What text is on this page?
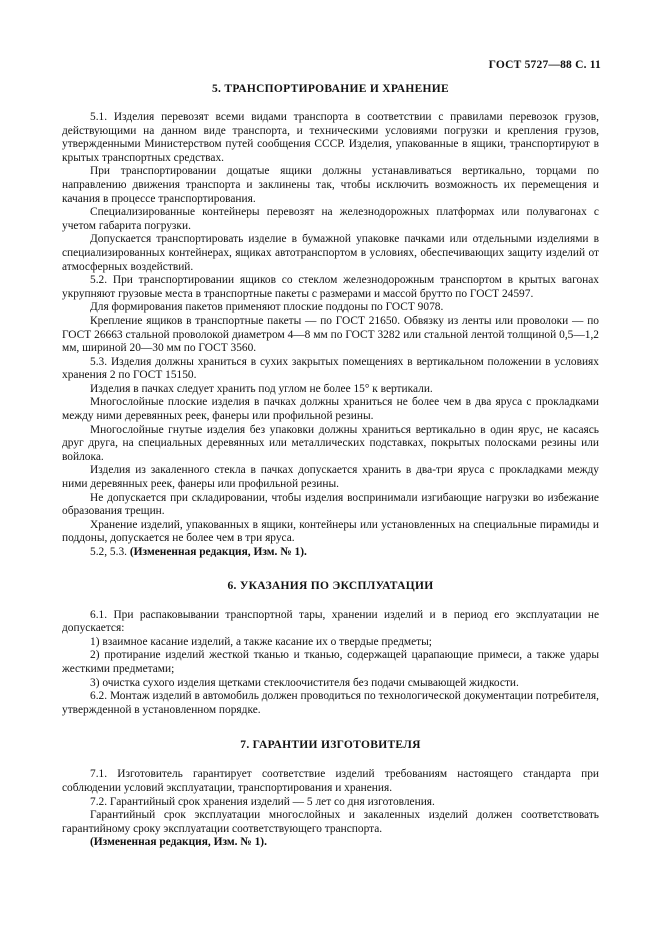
ГОСТ 5727—88 С. 11
5. ТРАНСПОРТИРОВАНИЕ И ХРАНЕНИЕ

5.1. Изделия перевозят всеми видами транспорта в соответствии с правилами перевозок грузов, действующими на данном виде транспорта, и техническими условиями погрузки и крепления грузов, утвержденными Министерством путей сообщения СССР. Изделия, упакованные в ящики, транспортируют в крытых транспортных средствах.

При транспортировании дощатые ящики должны устанавливаться вертикально, торцами по направлению движения транспорта и заклинены так, чтобы исключить возможность их перемещения и качания в процессе транспортирования.

Специализированные контейнеры перевозят на железнодорожных платформах или полувагонах с учетом габарита погрузки.

Допускается транспортировать изделие в бумажной упаковке пачками или отдельными изделиями в специализированных контейнерах, ящиках автотранспортом в условиях, обеспечивающих защиту изделий от атмосферных воздействий.

5.2. При транспортировании ящиков со стеклом железнодорожным транспортом в крытых вагонах укрупняют грузовые места в транспортные пакеты с размерами и массой брутто по ГОСТ 24597.

Для формирования пакетов применяют плоские поддоны по ГОСТ 9078.

Крепление ящиков в транспортные пакеты — по ГОСТ 21650. Обвязку из ленты или проволоки — по ГОСТ 26663 стальной проволокой диаметром 4—8 мм по ГОСТ 3282 или стальной лентой толщиной 0,5—1,2 мм, шириной 20—30 мм по ГОСТ 3560.

5.3. Изделия должны храниться в сухих закрытых помещениях в вертикальном положении в условиях хранения 2 по ГОСТ 15150.

Изделия в пачках следует хранить под углом не более 15° к вертикали.

Многослойные плоские изделия в пачках должны храниться не более чем в два яруса с прокладками между ними деревянных реек, фанеры или профильной резины.

Многослойные гнутые изделия без упаковки должны храниться вертикально в один ярус, не касаясь друг друга, на специальных деревянных или металлических подставках, покрытых полосками резины или войлока.

Изделия из закаленного стекла в пачках допускается хранить в два-три яруса с прокладками между ними деревянных реек, фанеры или профильной резины.

Не допускается при складировании, чтобы изделия воспринимали изгибающие нагрузки во избежание образования трещин.

Хранение изделий, упакованных в ящики, контейнеры или установленных на специальные пирамиды и поддоны, допускается не более чем в три яруса.

5.2, 5.3. (Измененная редакция, Изм. № 1).

6. УКАЗАНИЯ ПО ЭКСПЛУАТАЦИИ

6.1. При распаковывании транспортной тары, хранении изделий и в период его эксплуатации не допускается:

1) взаимное касание изделий, а также касание их о твердые предметы;

2) протирание изделий жесткой тканью и тканью, содержащей царапающие примеси, а также удары жесткими предметами;

3) очистка сухого изделия щетками стеклоочистителя без подачи смывающей жидкости.

6.2. Монтаж изделий в автомобиль должен проводиться по технологической документации потребителя, утвержденной в установленном порядке.

7. ГАРАНТИИ ИЗГОТОВИТЕЛЯ

7.1. Изготовитель гарантирует соответствие изделий требованиям настоящего стандарта при соблюдении условий эксплуатации, транспортирования и хранения.

7.2. Гарантийный срок хранения изделий — 5 лет со дня изготовления.

Гарантийный срок эксплуатации многослойных и закаленных изделий должен соответствовать гарантийному сроку эксплуатации соответствующего транспорта.

(Измененная редакция, Изм. № 1).
